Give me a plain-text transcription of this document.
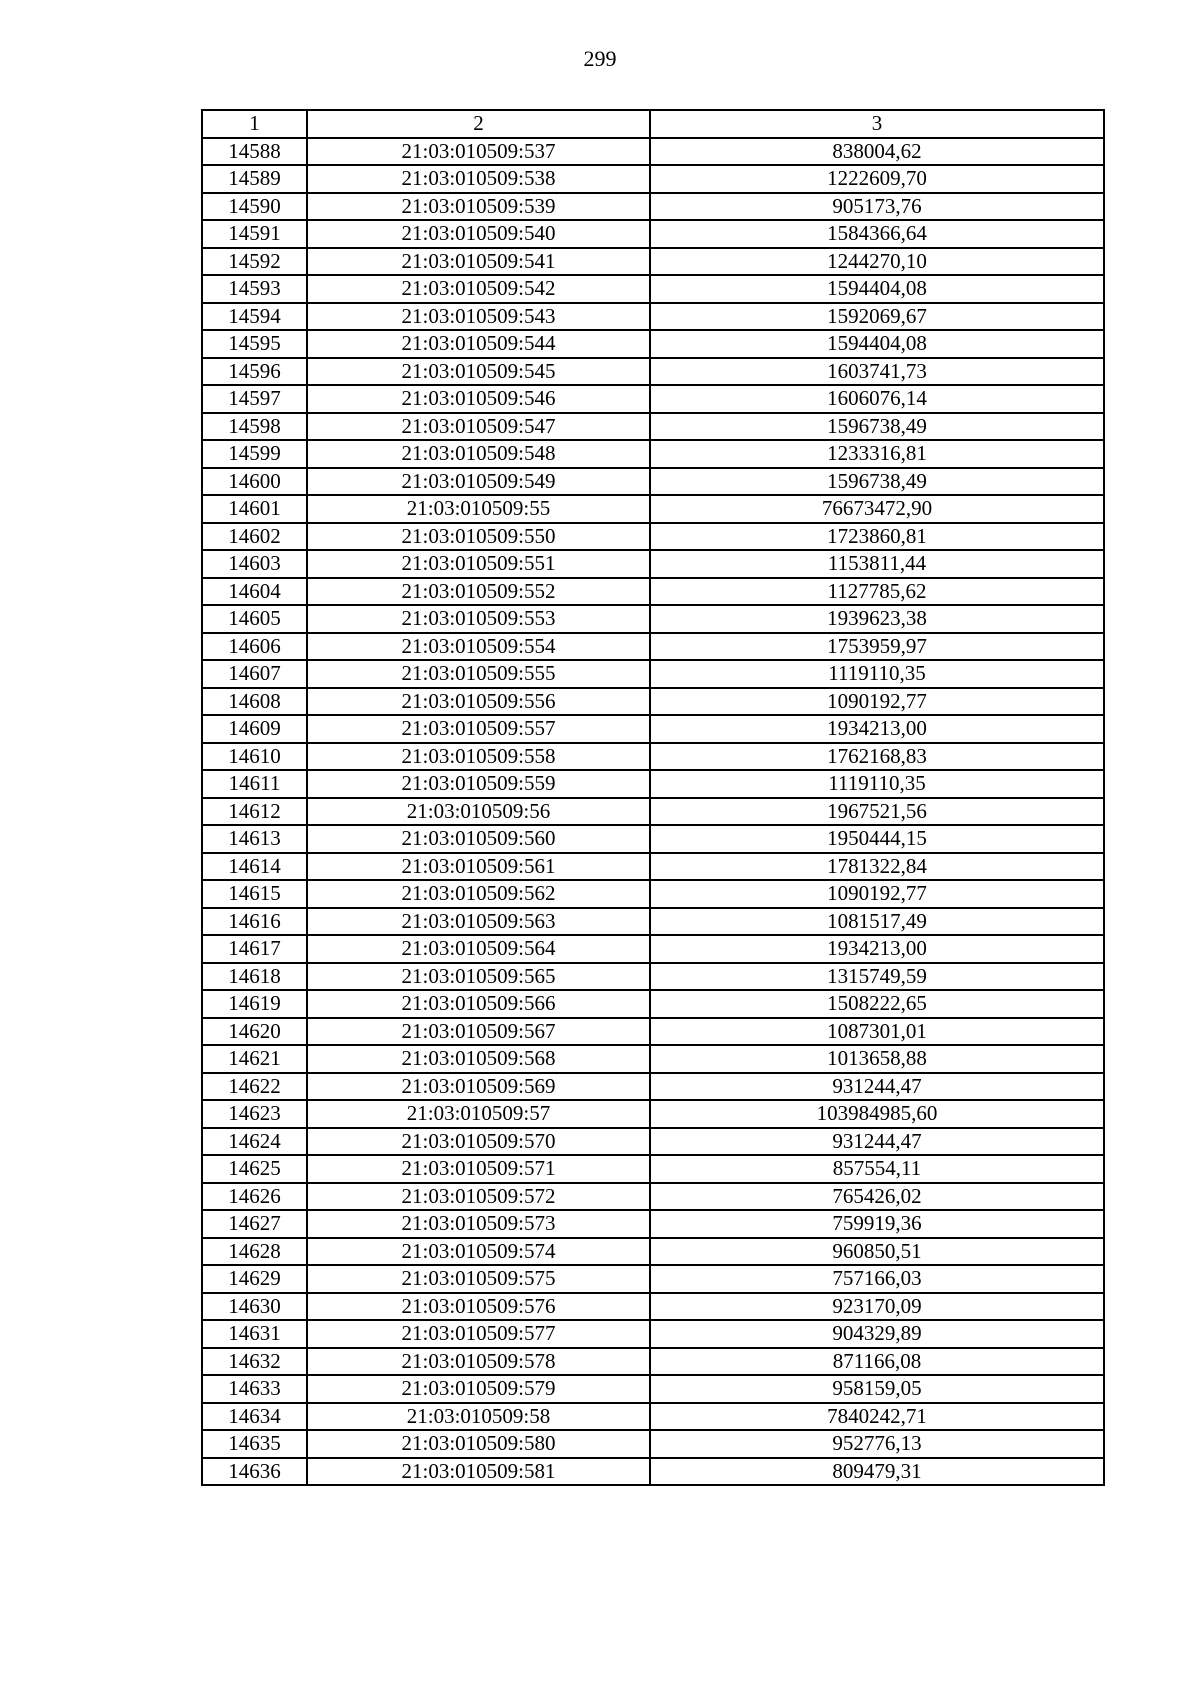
299
1	2	3
14588	21:03:010509:537	838004,62
14589	21:03:010509:538	1222609,70
14590	21:03:010509:539	905173,76
14591	21:03:010509:540	1584366,64
14592	21:03:010509:541	1244270,10
14593	21:03:010509:542	1594404,08
14594	21:03:010509:543	1592069,67
14595	21:03:010509:544	1594404,08
14596	21:03:010509:545	1603741,73
14597	21:03:010509:546	1606076,14
14598	21:03:010509:547	1596738,49
14599	21:03:010509:548	1233316,81
14600	21:03:010509:549	1596738,49
14601	21:03:010509:55	76673472,90
14602	21:03:010509:550	1723860,81
14603	21:03:010509:551	1153811,44
14604	21:03:010509:552	1127785,62
14605	21:03:010509:553	1939623,38
14606	21:03:010509:554	1753959,97
14607	21:03:010509:555	1119110,35
14608	21:03:010509:556	1090192,77
14609	21:03:010509:557	1934213,00
14610	21:03:010509:558	1762168,83
14611	21:03:010509:559	1119110,35
14612	21:03:010509:56	1967521,56
14613	21:03:010509:560	1950444,15
14614	21:03:010509:561	1781322,84
14615	21:03:010509:562	1090192,77
14616	21:03:010509:563	1081517,49
14617	21:03:010509:564	1934213,00
14618	21:03:010509:565	1315749,59
14619	21:03:010509:566	1508222,65
14620	21:03:010509:567	1087301,01
14621	21:03:010509:568	1013658,88
14622	21:03:010509:569	931244,47
14623	21:03:010509:57	103984985,60
14624	21:03:010509:570	931244,47
14625	21:03:010509:571	857554,11
14626	21:03:010509:572	765426,02
14627	21:03:010509:573	759919,36
14628	21:03:010509:574	960850,51
14629	21:03:010509:575	757166,03
14630	21:03:010509:576	923170,09
14631	21:03:010509:577	904329,89
14632	21:03:010509:578	871166,08
14633	21:03:010509:579	958159,05
14634	21:03:010509:58	7840242,71
14635	21:03:010509:580	952776,13
14636	21:03:010509:581	809479,31
